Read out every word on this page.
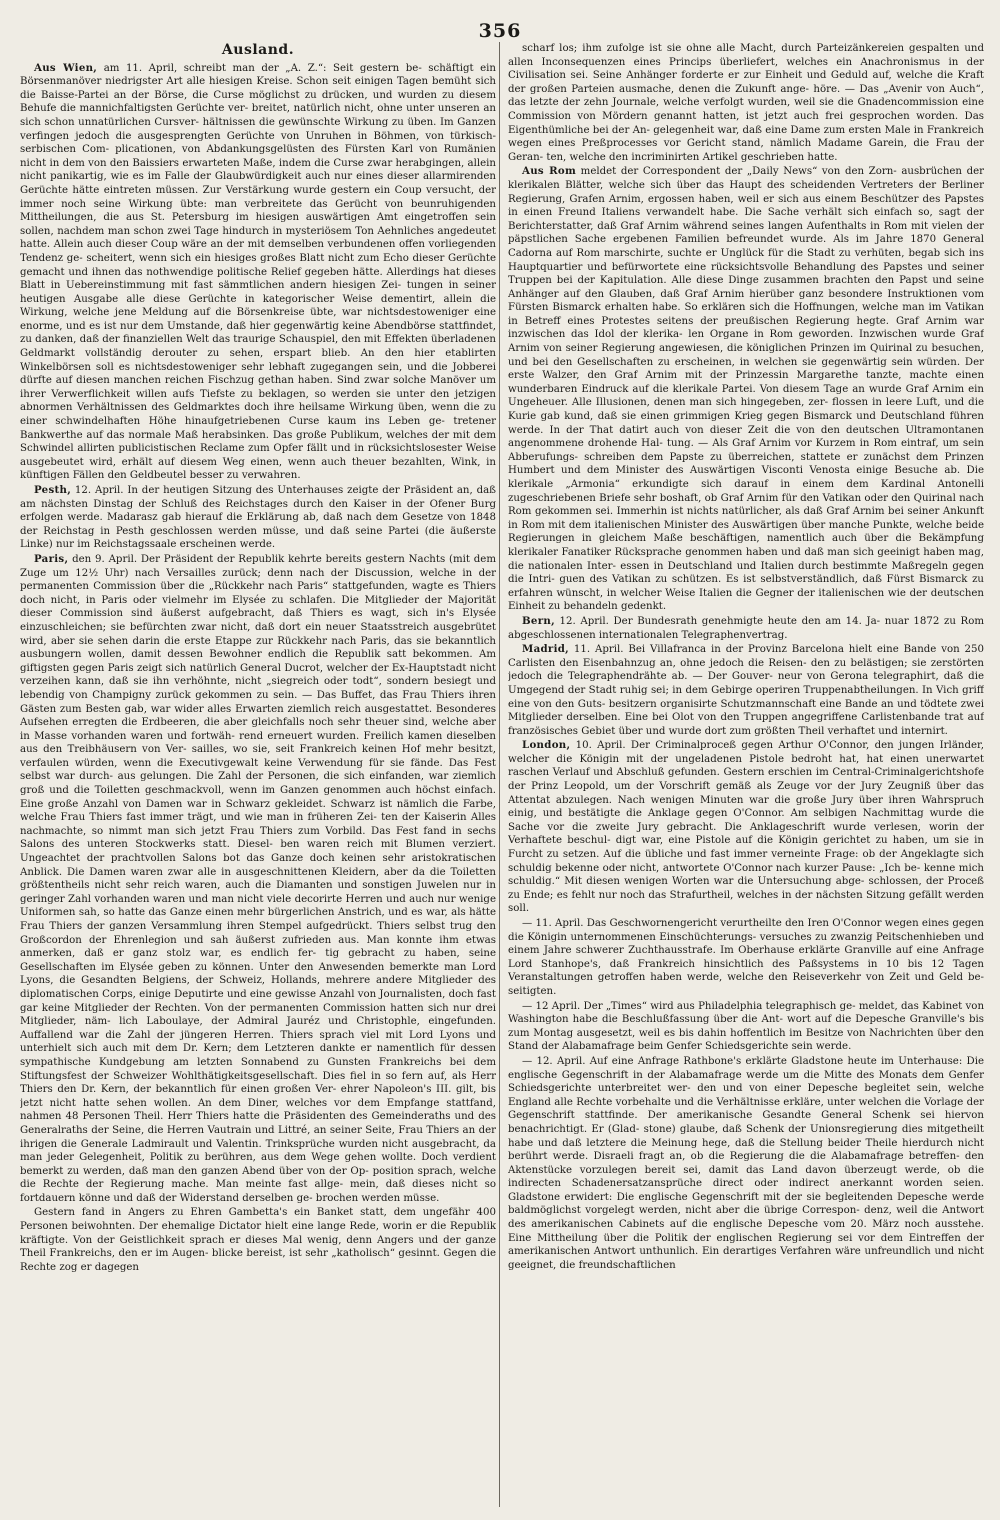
356
Ausland.

Aus Wien, am 11. April, schreibt man der „A. Z.“: Seit gestern be- schäftigt ein Börsenmanöver niedrigster Art alle hiesigen Kreise. Schon seit einigen Tagen bemüht sich die Baisse-Partei an der Börse, die Curse möglichst zu drücken, und wurden zu diesem Behufe die mannichfaltigsten Gerüchte ver- breitet, natürlich nicht, ohne unter unseren an sich schon unnatürlichen Cursver- hältnissen die gewünschte Wirkung zu üben. Im Ganzen verfingen jedoch die ausgesprengten Gerüchte von Unruhen in Böhmen, von türkisch-serbischen Com- plicationen, von Abdankungsgelüsten des Fürsten Karl von Rumänien nicht in dem von den Baissiers erwarteten Maße, indem die Curse zwar herabgingen, allein nicht panikartig, wie es im Falle der Glaubwürdigkeit auch nur eines dieser allarmirenden Gerüchte hätte eintreten müssen. Zur Verstärkung wurde gestern ein Coup versucht, der immer noch seine Wirkung übte: man verbreitete das Gerücht von beunruhigenden Mittheilungen, die aus St. Petersburg im hiesigen auswärtigen Amt eingetroffen sein sollen, nachdem man schon zwei Tage hindurch in mysteriösem Ton Aehnliches angedeutet hatte. Allein auch dieser Coup wäre an der mit demselben verbundenen offen vorliegenden Tendenz ge- scheitert, wenn sich ein hiesiges großes Blatt nicht zum Echo dieser Gerüchte gemacht und ihnen das nothwendige politische Relief gegeben hätte. Allerdings hat dieses Blatt in Uebereinstimmung mit fast sämmtlichen andern hiesigen Zei- tungen in seiner heutigen Ausgabe alle diese Gerüchte in kategorischer Weise dementirt, allein die Wirkung, welche jene Meldung auf die Börsenkreise übte, war nichtsdestoweniger eine enorme, und es ist nur dem Umstande, daß hier gegenwärtig keine Abendbörse stattfindet, zu danken, daß der finanziellen Welt das traurige Schauspiel, den mit Effekten überladenen Geldmarkt vollständig derouter zu sehen, erspart blieb. An den hier etablirten Winkelbörsen soll es nichtsdestoweniger sehr lebhaft zugegangen sein, und die Jobberei dürfte auf diesen manchen reichen Fischzug gethan haben. Sind zwar solche Manöver um ihrer Verwerflichkeit willen aufs Tiefste zu beklagen, so werden sie unter den jetzigen abnormen Verhältnissen des Geldmarktes doch ihre heilsame Wirkung üben, wenn die zu einer schwindelhaften Höhe hinaufgetriebenen Curse kaum ins Leben ge- tretener Bankwerthe auf das normale Maß herabsinken. Das große Publikum, welches der mit dem Schwindel allirten publicistischen Reclame zum Opfer fällt und in rücksichtslosester Weise ausgebeutet wird, erhält auf diesem Weg einen, wenn auch theuer bezahlten, Wink, in künftigen Fällen den Geldbeutel besser zu verwahren.

Pesth, 12. April. In der heutigen Sitzung des Unterhauses zeigte der Präsident an, daß am nächsten Dinstag der Schluß des Reichstages durch den Kaiser in der Ofener Burg erfolgen werde. Madarasz gab hierauf die Erklärung ab, daß nach dem Gesetze von 1848 der Reichstag in Pesth geschlossen werden müsse, und daß seine Partei (die äußerste Linke) nur im Reichstagssaale erscheinen werde.

Paris, den 9. April. Der Präsident der Republik kehrte bereits gestern Nachts (mit dem Zuge um 12½ Uhr) nach Versailles zurück; denn nach der Discussion, welche in der permanenten Commission über die „Rückkehr nach Paris“ stattgefunden, wagte es Thiers doch nicht, in Paris oder vielmehr im Elysée zu schlafen. Die Mitglieder der Majorität dieser Commission sind äußerst aufgebracht, daß Thiers es wagt, sich in's Elysée einzuschleichen; sie befürchten zwar nicht, daß dort ein neuer Staatsstreich ausgebrütet wird, aber sie sehen darin die erste Etappe zur Rückkehr nach Paris, das sie bekanntlich ausbungern wollen, damit dessen Bewohner endlich die Republik satt bekommen. Am giftigsten gegen Paris zeigt sich natürlich General Ducrot, welcher der Ex-Hauptstadt nicht verzeihen kann, daß sie ihn verhöhnte, nicht „siegreich oder todt“, sondern besiegt und lebendig von Champigny zurück gekommen zu sein. — Das Buffet, das Frau Thiers ihren Gästen zum Besten gab, war wider alles Erwarten ziemlich reich ausgestattet. Besonderes Aufsehen erregten die Erdbeeren, die aber gleichfalls noch sehr theuer sind, welche aber in Masse vorhanden waren und fortwäh- rend erneuert wurden. Freilich kamen dieselben aus den Treibhäusern von Ver- sailles, wo sie, seit Frankreich keinen Hof mehr besitzt, verfaulen würden, wenn die Executivgewalt keine Verwendung für sie fände. Das Fest selbst war durch- aus gelungen. Die Zahl der Personen, die sich einfanden, war ziemlich groß und die Toiletten geschmackvoll, wenn im Ganzen genommen auch höchst einfach. Eine große Anzahl von Damen war in Schwarz gekleidet. Schwarz ist nämlich die Farbe, welche Frau Thiers fast immer trägt, und wie man in früheren Zei- ten der Kaiserin Alles nachmachte, so nimmt man sich jetzt Frau Thiers zum Vorbild. Das Fest fand in sechs Salons des unteren Stockwerks statt. Diesel- ben waren reich mit Blumen verziert. Ungeachtet der prachtvollen Salons bot das Ganze doch keinen sehr aristokratischen Anblick. Die Damen waren zwar alle in ausgeschnittenen Kleidern, aber da die Toiletten größtentheils nicht sehr reich waren, auch die Diamanten und sonstigen Juwelen nur in geringer Zahl vorhanden waren und man nicht viele decorirte Herren und auch nur wenige Uniformen sah, so hatte das Ganze einen mehr bürgerlichen Anstrich, und es war, als hätte Frau Thiers der ganzen Versammlung ihren Stempel aufgedrückt. Thiers selbst trug den Großcordon der Ehrenlegion und sah äußerst zufrieden aus. Man konnte ihm etwas anmerken, daß er ganz stolz war, es endlich fer- tig gebracht zu haben, seine Gesellschaften im Elysée geben zu können. Unter den Anwesenden bemerkte man Lord Lyons, die Gesandten Belgiens, der Schweiz, Hollands, mehrere andere Mitglieder des diplomatischen Corps, einige Deputirte und eine gewisse Anzahl von Journalisten, doch fast gar keine Mitglieder der Rechten. Von der permanenten Commission hatten sich nur drei Mitglieder, näm- lich Laboulaye, der Admiral Jauréz und Christophle, eingefunden. Auffallend war die Zahl der jüngeren Herren. Thiers sprach viel mit Lord Lyons und unterhielt sich auch mit dem Dr. Kern; dem Letzteren dankte er namentlich für dessen sympathische Kundgebung am letzten Sonnabend zu Gunsten Frankreichs bei dem Stiftungsfest der Schweizer Wohlthätigkeitsgesellschaft. Dies fiel in so fern auf, als Herr Thiers den Dr. Kern, der bekanntlich für einen großen Ver- ehrer Napoleon's III. gilt, bis jetzt nicht hatte sehen wollen. An dem Diner, welches vor dem Empfange stattfand, nahmen 48 Personen Theil. Herr Thiers hatte die Präsidenten des Gemeinderaths und des Generalraths der Seine, die Herren Vautrain und Littré, an seiner Seite, Frau Thiers an der ihrigen die Generale Ladmirault und Valentin. Trinksprüche wurden nicht ausgebracht, da man jeder Gelegenheit, Politik zu berühren, aus dem Wege gehen wollte. Doch verdient bemerkt zu werden, daß man den ganzen Abend über von der Op- position sprach, welche die Rechte der Regierung mache. Man meinte fast allge- mein, daß dieses nicht so fortdauern könne und daß der Widerstand derselben ge- brochen werden müsse.

Gestern fand in Angers zu Ehren Gambetta's ein Banket statt, dem ungefähr 400 Personen beiwohnten. Der ehemalige Dictator hielt eine lange Rede, worin er die Republik kräftigte. Von der Geistlichkeit sprach er dieses Mal wenig, denn Angers und der ganze Theil Frankreichs, den er im Augen- blicke bereist, ist sehr „katholisch“ gesinnt. Gegen die Rechte zog er dagegen

scharf los; ihm zufolge ist sie ohne alle Macht, durch Parteizänkereien gespalten und allen Inconsequenzen eines Princips überliefert, welches ein Anachronismus in der Civilisation sei. Seine Anhänger forderte er zur Einheit und Geduld auf, welche die Kraft der großen Parteien ausmache, denen die Zukunft ange- höre. — Das „Avenir von Auch“, das letzte der zehn Journale, welche verfolgt wurden, weil sie die Gnadencommission eine Commission von Mördern genannt hatten, ist jetzt auch frei gesprochen worden. Das Eigenthümliche bei der An- gelegenheit war, daß eine Dame zum ersten Male in Frankreich wegen eines Preßprocesses vor Gericht stand, nämlich Madame Garein, die Frau der Geran- ten, welche den incriminirten Artikel geschrieben hatte.

Aus Rom meldet der Correspondent der „Daily News“ von den Zorn- ausbrüchen der klerikalen Blätter, welche sich über das Haupt des scheidenden Vertreters der Berliner Regierung, Grafen Arnim, ergossen haben, weil er sich aus einem Beschützer des Papstes in einen Freund Italiens verwandelt habe. Die Sache verhält sich einfach so, sagt der Berichterstatter, daß Graf Arnim während seines langen Aufenthalts in Rom mit vielen der päpstlichen Sache ergebenen Familien befreundet wurde. Als im Jahre 1870 General Cadorna auf Rom marschirte, suchte er Unglück für die Stadt zu verhüten, begab sich ins Hauptquartier und befürwortete eine rücksichtsvolle Behandlung des Papstes und seiner Truppen bei der Kapitulation. Alle diese Dinge zusammen brachten den Papst und seine Anhänger auf den Glauben, daß Graf Arnim hierüber ganz besondere Instruktionen vom Fürsten Bismarck erhalten habe. So erklären sich die Hoffnungen, welche man im Vatikan in Betreff eines Protestes seitens der preußischen Regierung hegte. Graf Arnim war inzwischen das Idol der klerika- len Organe in Rom geworden. Inzwischen wurde Graf Arnim von seiner Regierung angewiesen, die königlichen Prinzen im Quirinal zu besuchen, und bei den Gesellschaften zu erscheinen, in welchen sie gegenwärtig sein würden. Der erste Walzer, den Graf Arnim mit der Prinzessin Margarethe tanzte, machte einen wunderbaren Eindruck auf die klerikale Partei. Von diesem Tage an wurde Graf Arnim ein Ungeheuer. Alle Illusionen, denen man sich hingegeben, zer- flossen in leere Luft, und die Kurie gab kund, daß sie einen grimmigen Krieg gegen Bismarck und Deutschland führen werde. In der That datirt auch von dieser Zeit die von den deutschen Ultramontanen angenommene drohende Hal- tung. — Als Graf Arnim vor Kurzem in Rom eintraf, um sein Abberufungs- schreiben dem Papste zu überreichen, stattete er zunächst dem Prinzen Humbert und dem Minister des Auswärtigen Visconti Venosta einige Besuche ab. Die klerikale „Armonia“ erkundigte sich darauf in einem dem Kardinal Antonelli zugeschriebenen Briefe sehr boshaft, ob Graf Arnim für den Vatikan oder den Quirinal nach Rom gekommen sei. Immerhin ist nichts natürlicher, als daß Graf Arnim bei seiner Ankunft in Rom mit dem italienischen Minister des Auswärtigen über manche Punkte, welche beide Regierungen in gleichem Maße beschäftigen, namentlich auch über die Bekämpfung klerikaler Fanatiker Rücksprache genommen haben und daß man sich geeinigt haben mag, die nationalen Inter- essen in Deutschland und Italien durch bestimmte Maßregeln gegen die Intri- guen des Vatikan zu schützen. Es ist selbstverständlich, daß Fürst Bismarck zu erfahren wünscht, in welcher Weise Italien die Gegner der italienischen wie der deutschen Einheit zu behandeln gedenkt.

Bern, 12. April. Der Bundesrath genehmigte heute den am 14. Ja- nuar 1872 zu Rom abgeschlossenen internationalen Telegraphenvertrag.

Madrid, 11. April. Bei Villafranca in der Provinz Barcelona hielt eine Bande von 250 Carlisten den Eisenbahnzug an, ohne jedoch die Reisen- den zu belästigen; sie zerstörten jedoch die Telegraphendrähte ab. — Der Gouver- neur von Gerona telegraphirt, daß die Umgegend der Stadt ruhig sei; in dem Gebirge operiren Truppenabtheilungen. In Vich griff eine von den Guts- besitzern organisirte Schutzmannschaft eine Bande an und tödtete zwei Mitglieder derselben. Eine bei Olot von den Truppen angegriffene Carlistenbande trat auf französisches Gebiet über und wurde dort zum größten Theil verhaftet und internirt.

London, 10. April. Der Criminalproceß gegen Arthur O'Connor, den jungen Irländer, welcher die Königin mit der ungeladenen Pistole bedroht hat, hat einen unerwartet raschen Verlauf und Abschluß gefunden. Gestern erschien im Central-Criminalgerichtshofe der Prinz Leopold, um der Vorschrift gemäß als Zeuge vor der Jury Zeugniß über das Attentat abzulegen. Nach wenigen Minuten war die große Jury über ihren Wahrspruch einig, und bestätigte die Anklage gegen O'Connor. Am selbigen Nachmittag wurde die Sache vor die zweite Jury gebracht. Die Anklageschrift wurde verlesen, worin der Verhaftete beschul- digt war, eine Pistole auf die Königin gerichtet zu haben, um sie in Furcht zu setzen. Auf die übliche und fast immer verneinte Frage: ob der Angeklagte sich schuldig bekenne oder nicht, antwortete O'Connor nach kurzer Pause: „Ich be- kenne mich schuldig.“ Mit diesen wenigen Worten war die Untersuchung abge- schlossen, der Proceß zu Ende; es fehlt nur noch das Strafurtheil, welches in der nächsten Sitzung gefällt werden soll.

— 11. April. Das Geschwornengericht verurtheilte den Iren O'Connor wegen eines gegen die Königin unternommenen Einschüchterungs- versuches zu zwanzig Peitschenhieben und einem Jahre schwerer Zuchthausstrafe. Im Oberhause erklärte Granville auf eine Anfrage Lord Stanhope's, daß Frankreich hinsichtlich des Paßsystems in 10 bis 12 Tagen Veranstaltungen getroffen haben werde, welche den Reiseverkehr von Zeit und Geld be- seitigten.

— 12 April. Der „Times“ wird aus Philadelphia telegraphisch ge- meldet, das Kabinet von Washington habe die Beschlußfassung über die Ant- wort auf die Depesche Granville's bis zum Montag ausgesetzt, weil es bis dahin hoffentlich im Besitze von Nachrichten über den Stand der Alabamafrage beim Genfer Schiedsgerichte sein werde.

— 12. April. Auf eine Anfrage Rathbone's erklärte Gladstone heute im Unterhause: Die englische Gegenschrift in der Alabamafrage werde um die Mitte des Monats dem Genfer Schiedsgerichte unterbreitet wer- den und von einer Depesche begleitet sein, welche England alle Rechte vorbehalte und die Verhältnisse erkläre, unter welchen die Vorlage der Gegenschrift stattfinde. Der amerikanische Gesandte General Schenk sei hiervon benachrichtigt. Er (Glad- stone) glaube, daß Schenk der Unionsregierung dies mitgetheilt habe und daß letztere die Meinung hege, daß die Stellung beider Theile hierdurch nicht berührt werde. Disraeli fragt an, ob die Regierung die die Alabamafrage betreffen- den Aktenstücke vorzulegen bereit sei, damit das Land davon überzeugt werde, ob die indirecten Schadenersatzansprüche direct oder indirect anerkannt worden seien. Gladstone erwidert: Die englische Gegenschrift mit der sie begleitenden Depesche werde baldmöglichst vorgelegt werden, nicht aber die übrige Correspon- denz, weil die Antwort des amerikanischen Cabinets auf die englische Depesche vom 20. März noch ausstehe. Eine Mittheilung über die Politik der englischen Regierung sei vor dem Eintreffen der amerikanischen Antwort unthunlich. Ein derartiges Verfahren wäre unfreundlich und nicht geeignet, die freundschaftlichen
